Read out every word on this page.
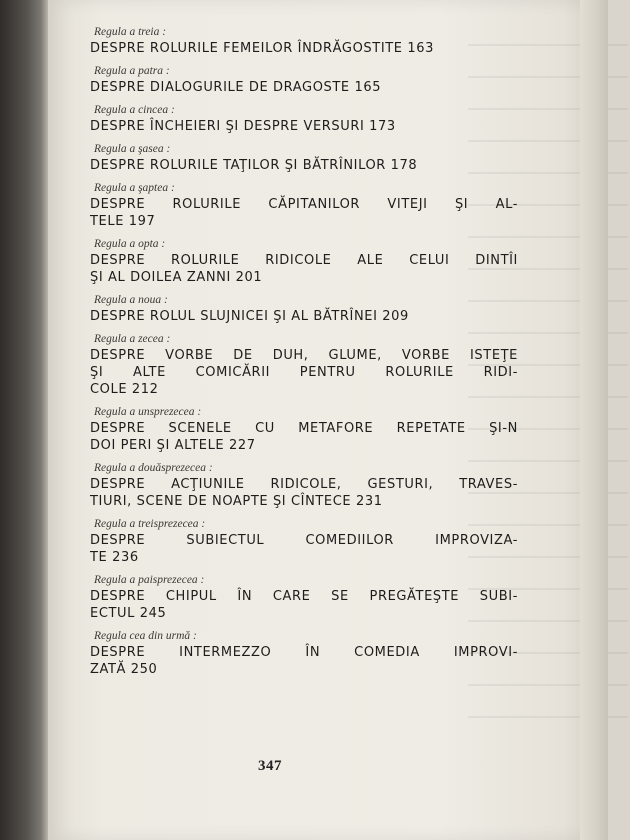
Regula a treia :
DESPRE ROLURILE FEMEILOR ÎNDRĂGOSTITE 163
Regula a patra :
DESPRE DIALOGURILE DE DRAGOSTE 165
Regula a cincea :
DESPRE ÎNCHEIERI ŞI DESPRE VERSURI 173
Regula a şasea :
DESPRE ROLURILE TAŢILOR ŞI BĂTRÎNILOR 178
Regula a şaptea :
DESPRE ROLURILE CĂPITANILOR VITEJI ŞI AL-
TELE 197
Regula a opta :
DESPRE ROLURILE RIDICOLE ALE CELUI DINTÎI
ŞI AL DOILEA ZANNI 201
Regula a noua :
DESPRE ROLUL SLUJNICEI ŞI AL BĂTRÎNEI 209
Regula a zecea :
DESPRE VORBE DE DUH, GLUME, VORBE ISTEŢE
ŞI ALTE COMICĂRII PENTRU ROLURILE RIDI-
COLE 212
Regula a unsprezecea :
DESPRE SCENELE CU METAFORE REPETATE ŞI-N
DOI PERI ŞI ALTELE 227
Regula a douăsprezecea :
DESPRE ACŢIUNILE RIDICOLE, GESTURI, TRAVES-
TIURI, SCENE DE NOAPTE ŞI CÎNTECE 231
Regula a treisprezecea :
DESPRE SUBIECTUL COMEDIILOR IMPROVIZA-
TE 236
Regula a paisprezecea :
DESPRE CHIPUL ÎN CARE SE PREGĂTEŞTE SUBI-
ECTUL 245
Regula cea din urmă :
DESPRE INTERMEZZO ÎN COMEDIA IMPROVI-
ZATĂ 250
347
